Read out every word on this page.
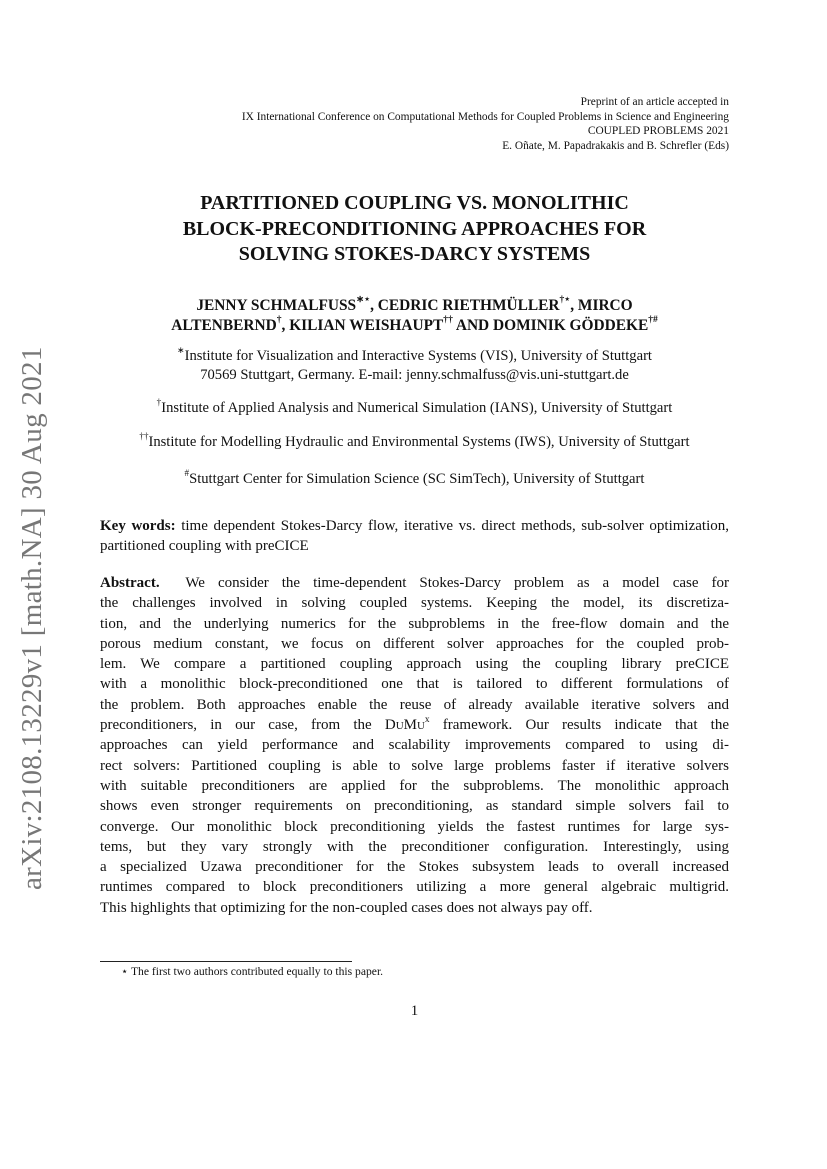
arXiv:2108.13229v1 [math.NA] 30 Aug 2021
Preprint of an article accepted in
IX International Conference on Computational Methods for Coupled Problems in Science and Engineering
COUPLED PROBLEMS 2021
E. Oñate, M. Papadrakakis and B. Schrefler (Eds)
PARTITIONED COUPLING VS. MONOLITHIC
BLOCK-PRECONDITIONING APPROACHES FOR
SOLVING STOKES-DARCY SYSTEMS
JENNY SCHMALFUSS∗⋆, CEDRIC RIETHMÜLLER†⋆, MIRCO
ALTENBERND†, KILIAN WEISHAUPT†† AND DOMINIK GÖDDEKE†#
∗Institute for Visualization and Interactive Systems (VIS), University of Stuttgart
70569 Stuttgart, Germany. E-mail: jenny.schmalfuss@vis.uni-stuttgart.de
†Institute of Applied Analysis and Numerical Simulation (IANS), University of Stuttgart
††Institute for Modelling Hydraulic and Environmental Systems (IWS), University of Stuttgart
#Stuttgart Center for Simulation Science (SC SimTech), University of Stuttgart
Key words: time dependent Stokes-Darcy flow, iterative vs. direct methods, sub-solver optimization, partitioned coupling with preCICE
Abstract. We consider the time-dependent Stokes-Darcy problem as a model case for
the challenges involved in solving coupled systems. Keeping the model, its discretiza-
tion, and the underlying numerics for the subproblems in the free-flow domain and the
porous medium constant, we focus on different solver approaches for the coupled prob-
lem. We compare a partitioned coupling approach using the coupling library preCICE
with a monolithic block-preconditioned one that is tailored to different formulations of
the problem. Both approaches enable the reuse of already available iterative solvers and
preconditioners, in our case, from the DuMu$^x$ framework. Our results indicate that the
approaches can yield performance and scalability improvements compared to using di-
rect solvers: Partitioned coupling is able to solve large problems faster if iterative solvers
with suitable preconditioners are applied for the subproblems. The monolithic approach
shows even stronger requirements on preconditioning, as standard simple solvers fail to
converge. Our monolithic block preconditioning yields the fastest runtimes for large sys-
tems, but they vary strongly with the preconditioner configuration. Interestingly, using
a specialized Uzawa preconditioner for the Stokes subsystem leads to overall increased
runtimes compared to block preconditioners utilizing a more general algebraic multigrid.
This highlights that optimizing for the non-coupled cases does not always pay off.
⋆ The first two authors contributed equally to this paper.
1
